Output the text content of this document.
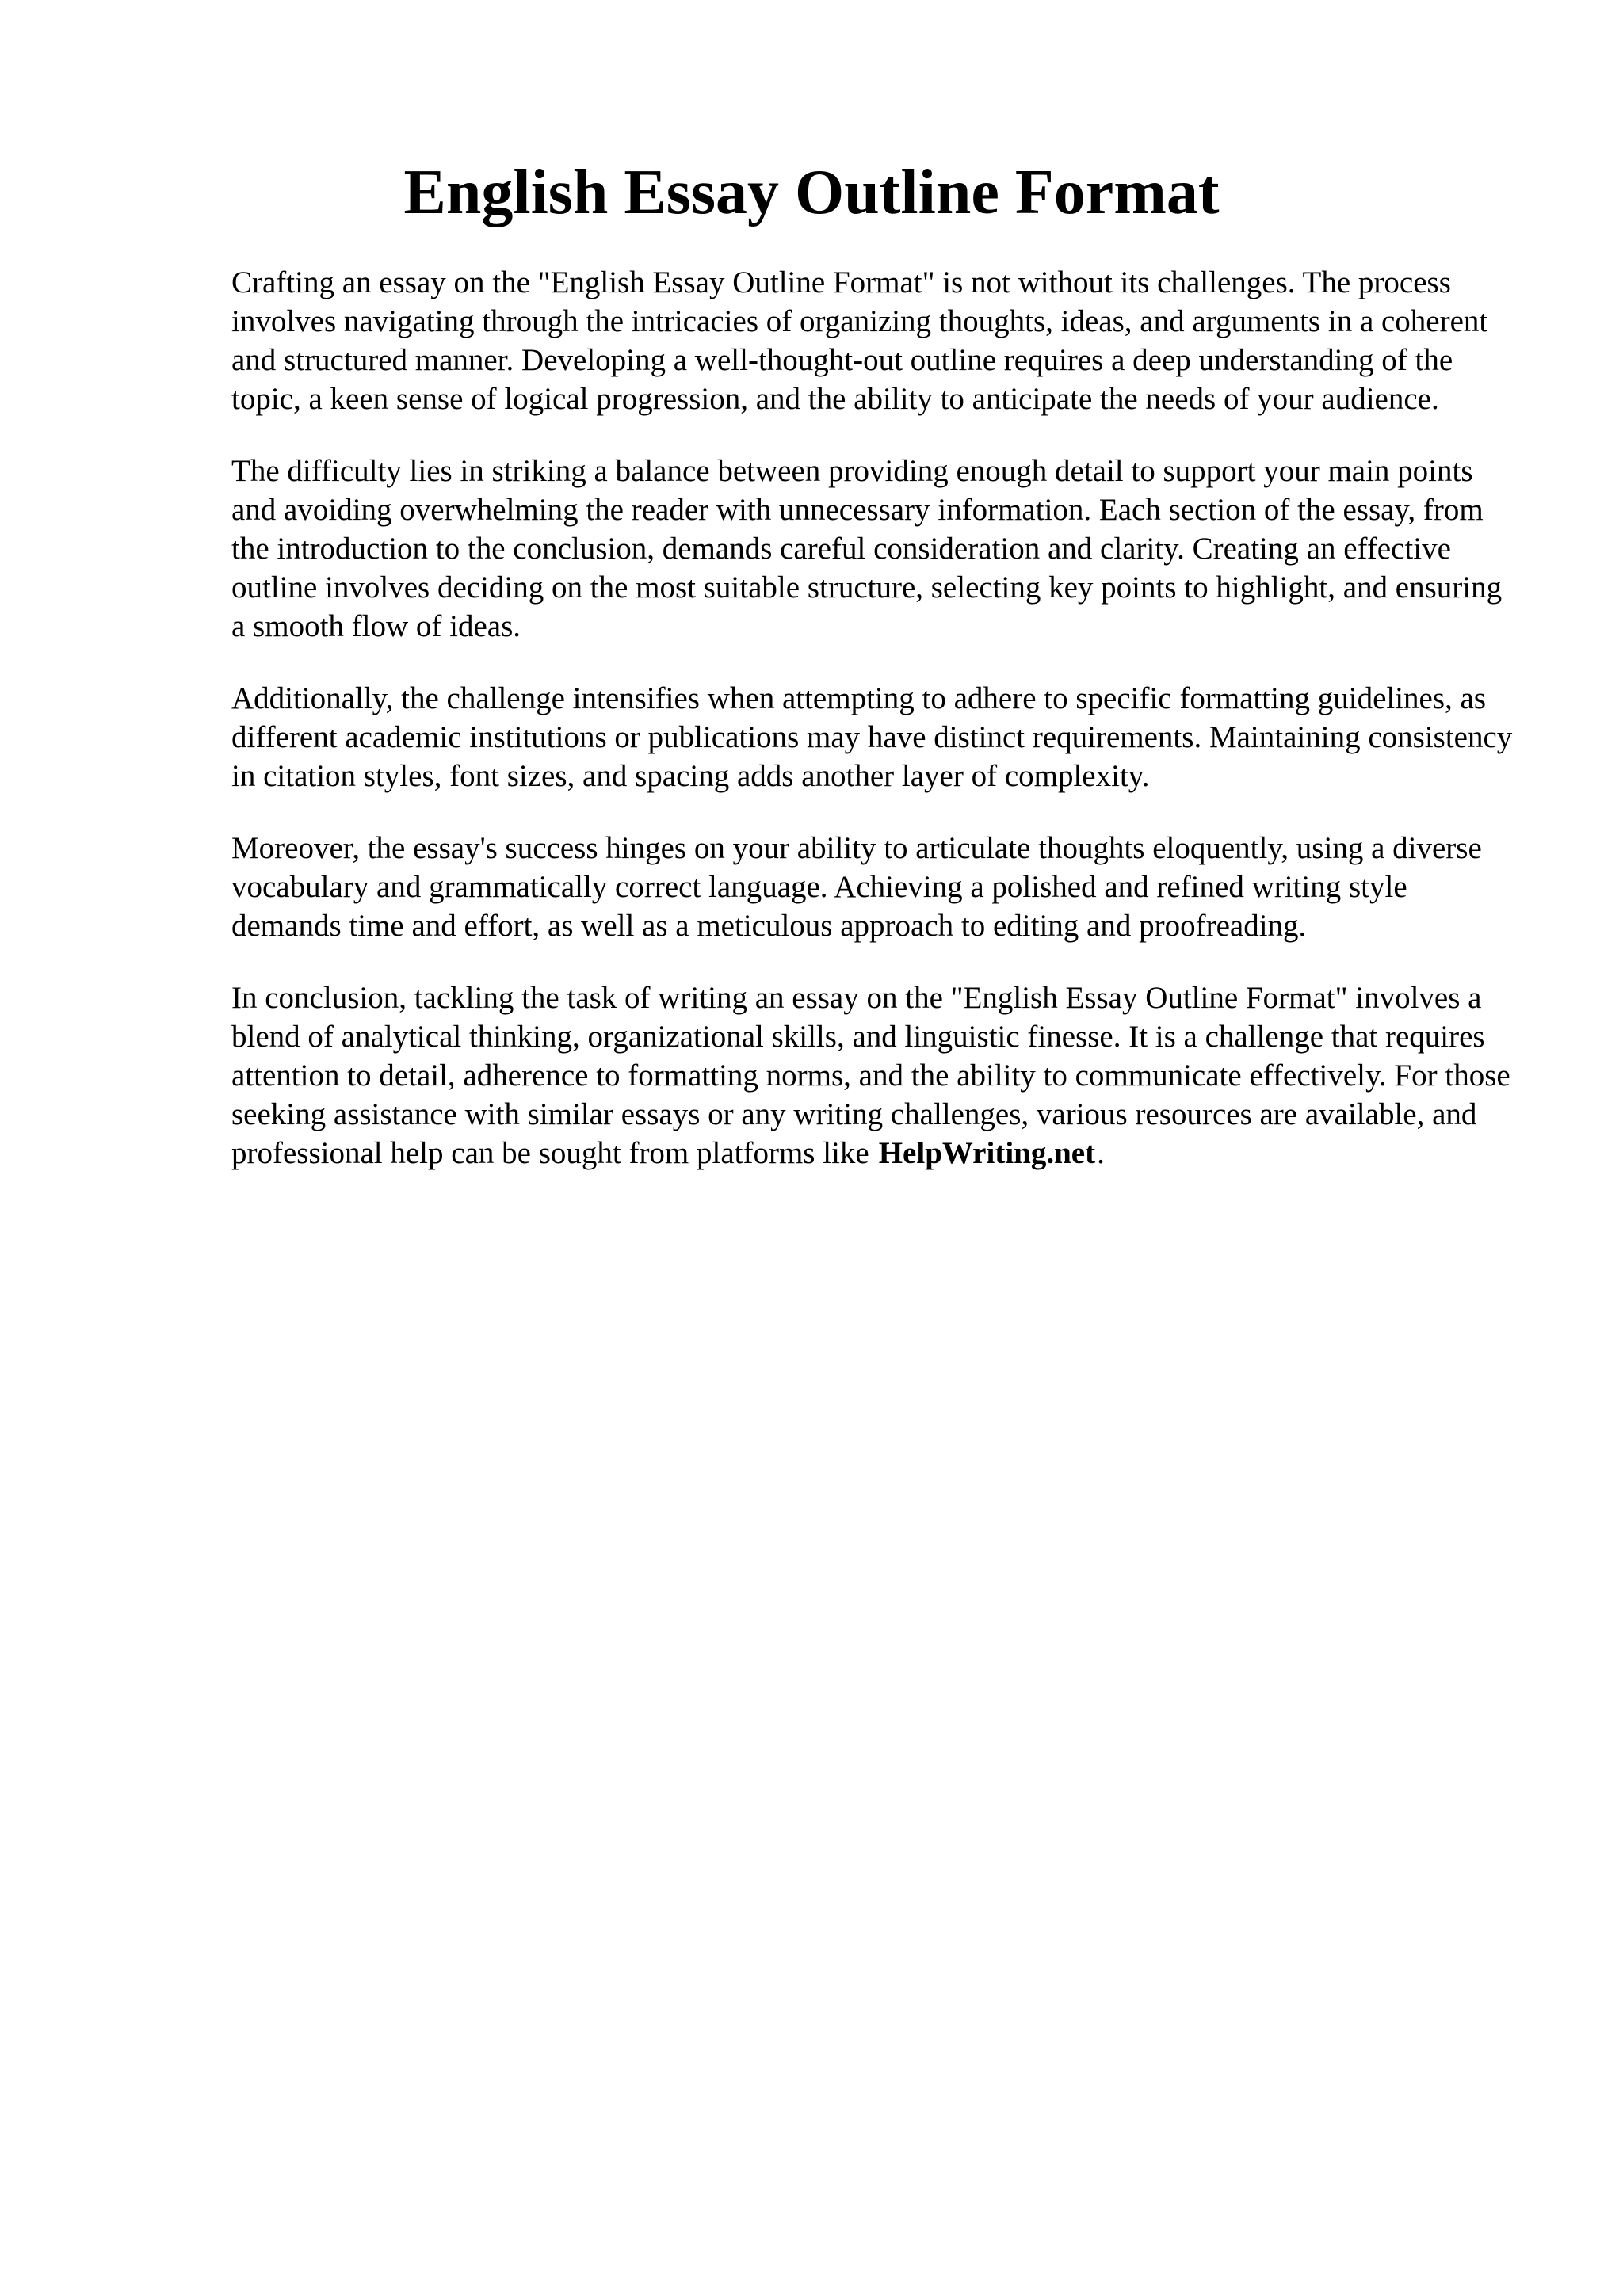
English Essay Outline Format

Crafting an essay on the "English Essay Outline Format" is not without its challenges. The process involves navigating through the intricacies of organizing thoughts, ideas, and arguments in a coherent and structured manner. Developing a well-thought-out outline requires a deep understanding of the topic, a keen sense of logical progression, and the ability to anticipate the needs of your audience.

The difficulty lies in striking a balance between providing enough detail to support your main points and avoiding overwhelming the reader with unnecessary information. Each section of the essay, from the introduction to the conclusion, demands careful consideration and clarity. Creating an effective outline involves deciding on the most suitable structure, selecting key points to highlight, and ensuring a smooth flow of ideas.

Additionally, the challenge intensifies when attempting to adhere to specific formatting guidelines, as different academic institutions or publications may have distinct requirements. Maintaining consistency in citation styles, font sizes, and spacing adds another layer of complexity.

Moreover, the essay's success hinges on your ability to articulate thoughts eloquently, using a diverse vocabulary and grammatically correct language. Achieving a polished and refined writing style demands time and effort, as well as a meticulous approach to editing and proofreading.

In conclusion, tackling the task of writing an essay on the "English Essay Outline Format" involves a blend of analytical thinking, organizational skills, and linguistic finesse. It is a challenge that requires attention to detail, adherence to formatting norms, and the ability to communicate effectively. For those seeking assistance with similar essays or any writing challenges, various resources are available, and professional help can be sought from platforms like HelpWriting.net.
